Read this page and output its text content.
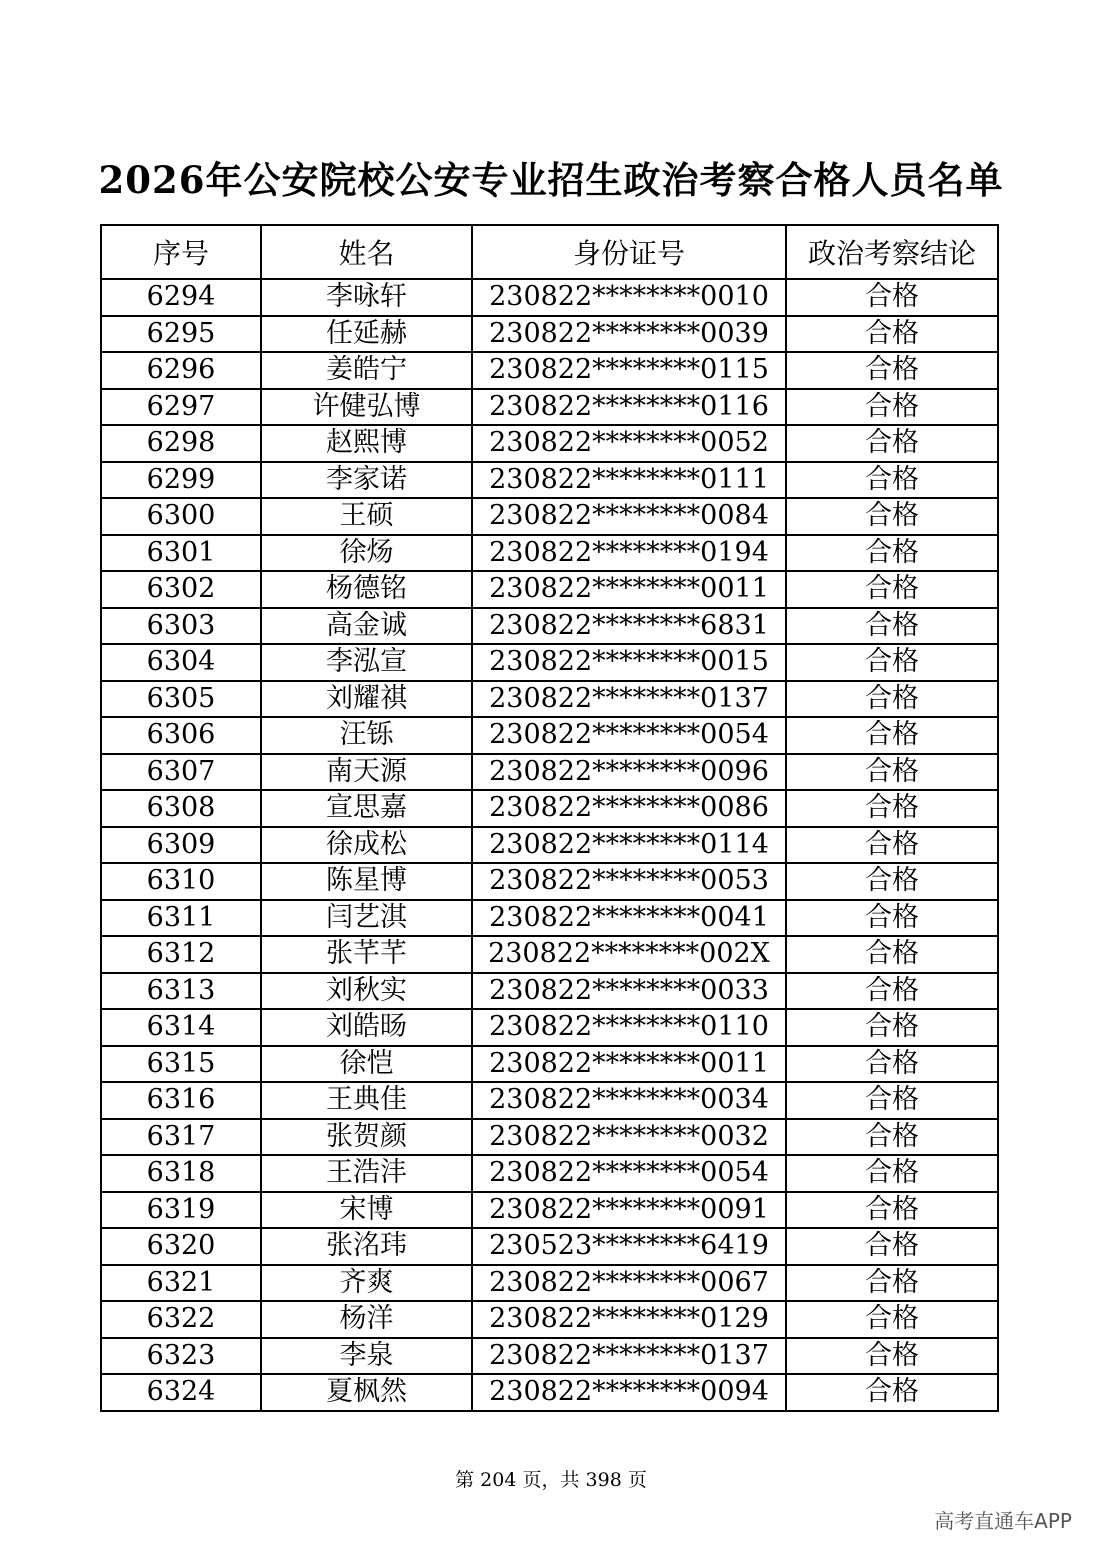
2026年公安院校公安专业招生政治考察合格人员名单
序号	姓名	身份证号	政治考察结论
6294	李咏轩	230822********0010	合格
6295	任延赫	230822********0039	合格
6296	姜皓宁	230822********0115	合格
6297	许健弘博	230822********0116	合格
6298	赵熙博	230822********0052	合格
6299	李家诺	230822********0111	合格
6300	王硕	230822********0084	合格
6301	徐炀	230822********0194	合格
6302	杨德铭	230822********0011	合格
6303	高金诚	230822********6831	合格
6304	李泓宣	230822********0015	合格
6305	刘耀祺	230822********0137	合格
6306	汪铄	230822********0054	合格
6307	南天源	230822********0096	合格
6308	宣思嘉	230822********0086	合格
6309	徐成松	230822********0114	合格
6310	陈星博	230822********0053	合格
6311	闫艺淇	230822********0041	合格
6312	张芊芊	230822********002X	合格
6313	刘秋实	230822********0033	合格
6314	刘皓旸	230822********0110	合格
6315	徐恺	230822********0011	合格
6316	王典佳	230822********0034	合格
6317	张贺颜	230822********0032	合格
6318	王浩沣	230822********0054	合格
6319	宋博	230822********0091	合格
6320	张洺玮	230523********6419	合格
6321	齐爽	230822********0067	合格
6322	杨洋	230822********0129	合格
6323	李泉	230822********0137	合格
6324	夏枫然	230822********0094	合格
第 204 页，共 398 页
高考直通车APP
